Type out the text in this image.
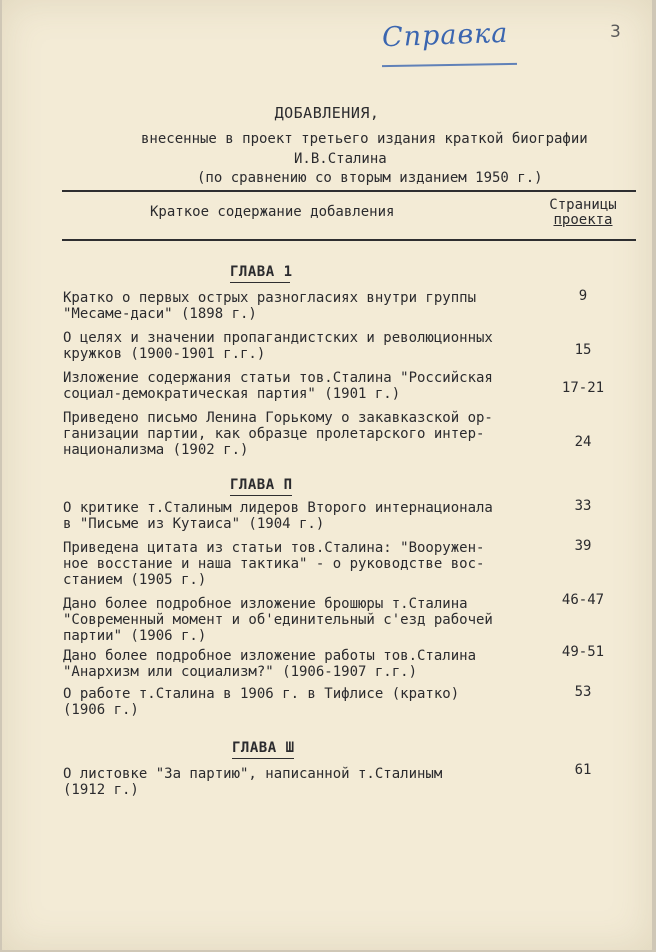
Справка	3
ДОБАВЛЕНИЯ,
внесенные в проект третьего издания краткой биографии
И.В.Сталина
(по сравнению со вторым изданием 1950 г.)
Краткое содержание добавления	Страницы
проекта
ГЛАВА 1
Кратко о первых острых разногласиях внутри группы
"Месаме-даси" (1898 г.)
9
О целях и значении пропагандистских и революционных
кружков (1900-1901 г.г.)	15
Изложение содержания статьи тов.Сталина "Российская
социал-демократическая партия" (1901 г.)	17-21
Приведено письмо Ленина Горькому о закавказской ор-
ганизации партии, как образце пролетарского интер-
национализма (1902 г.)	24
ГЛАВА П
О критике т.Сталиным лидеров Второго интернационала
в "Письме из Кутаиса" (1904 г.)
33
Приведена цитата из статьи тов.Сталина: "Вооружен-
ное восстание и наша тактика" - о руководстве вос-
станием (1905 г.)
39
Дано более подробное изложение брошюры т.Сталина
"Современный момент и об'единительный с'езд рабочей
партии" (1906 г.)
46-47
Дано более подробное изложение работы тов.Сталина
"Анархизм или социализм?" (1906-1907 г.г.)
49-51
О работе т.Сталина в 1906 г. в Тифлисе (кратко)
(1906 г.)
53
ГЛАВА Ш
О листовке "За партию", написанной т.Сталиным
(1912 г.)
61
